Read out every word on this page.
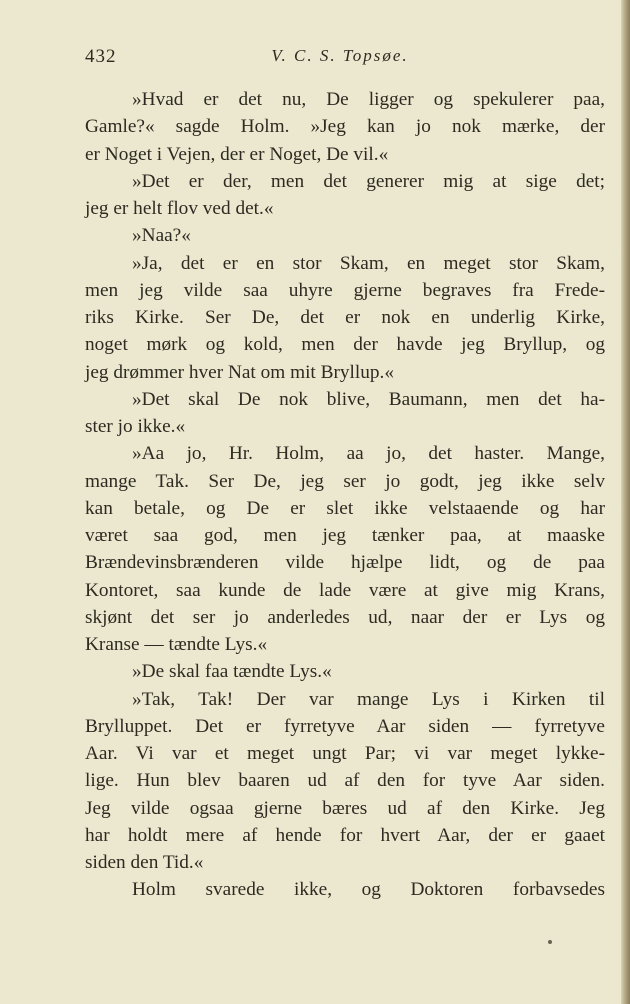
432	V. C. S. Topsøe.
»Hvad er det nu, De ligger og spekulerer paa,
Gamle?« sagde Holm. »Jeg kan jo nok mærke, der
er Noget i Vejen, der er Noget, De vil.«
»Det er der, men det generer mig at sige det;
jeg er helt flov ved det.«
»Naa?«
»Ja, det er en stor Skam, en meget stor Skam,
men jeg vilde saa uhyre gjerne begraves fra Frede-
riks Kirke. Ser De, det er nok en underlig Kirke,
noget mørk og kold, men der havde jeg Bryllup, og
jeg drømmer hver Nat om mit Bryllup.«
»Det skal De nok blive, Baumann, men det ha-
ster jo ikke.«
»Aa jo, Hr. Holm, aa jo, det haster. Mange,
mange Tak. Ser De, jeg ser jo godt, jeg ikke selv
kan betale, og De er slet ikke velstaaende og har
været saa god, men jeg tænker paa, at maaske
Brændevinsbrænderen vilde hjælpe lidt, og de paa
Kontoret, saa kunde de lade være at give mig Krans,
skjønt det ser jo anderledes ud, naar der er Lys og
Kranse — tændte Lys.«
»De skal faa tændte Lys.«
»Tak, Tak! Der var mange Lys i Kirken til
Brylluppet. Det er fyrretyve Aar siden — fyrretyve
Aar. Vi var et meget ungt Par; vi var meget lykke-
lige. Hun blev baaren ud af den for tyve Aar siden.
Jeg vilde ogsaa gjerne bæres ud af den Kirke. Jeg
har holdt mere af hende for hvert Aar, der er gaaet
siden den Tid.«
Holm svarede ikke, og Doktoren forbavsedes
